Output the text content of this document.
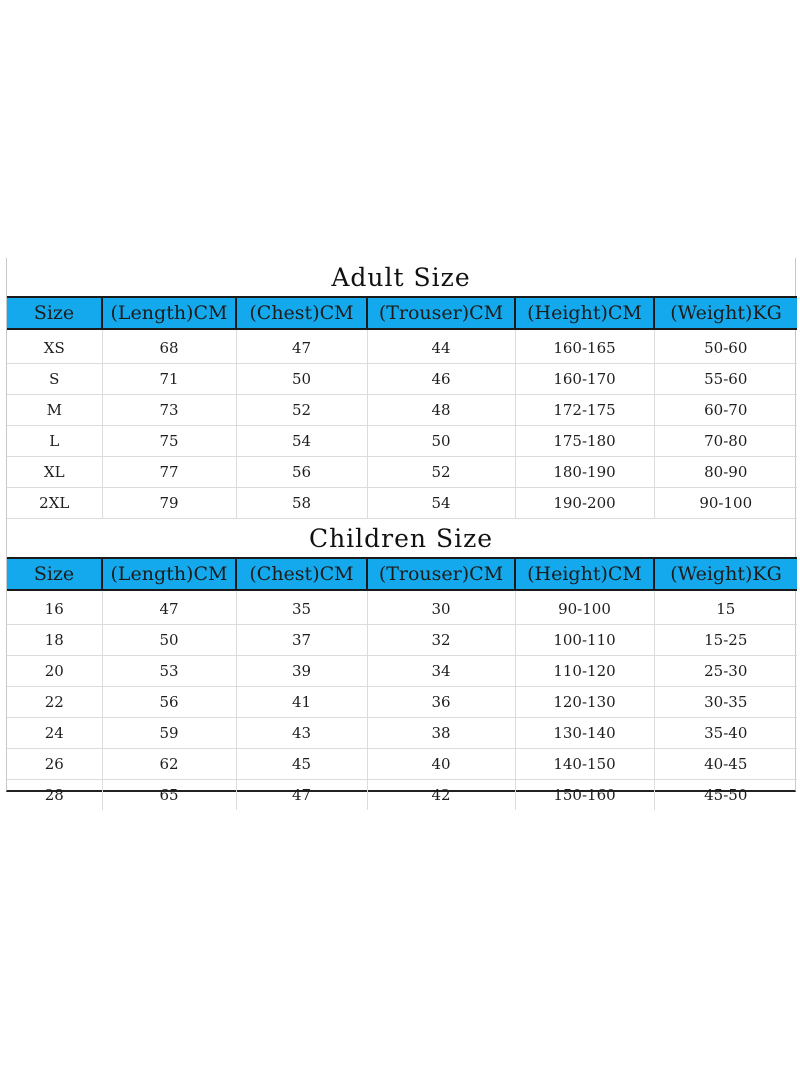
Adult Size
Size	(Length)CM	(Chest)CM	(Trouser)CM	(Height)CM	(Weight)KG
XS	68	47	44	160-165	50-60
S	71	50	46	160-170	55-60
M	73	52	48	172-175	60-70
L	75	54	50	175-180	70-80
XL	77	56	52	180-190	80-90
2XL	79	58	54	190-200	90-100
Children Size
Size	(Length)CM	(Chest)CM	(Trouser)CM	(Height)CM	(Weight)KG
16	47	35	30	90-100	15
18	50	37	32	100-110	15-25
20	53	39	34	110-120	25-30
22	56	41	36	120-130	30-35
24	59	43	38	130-140	35-40
26	62	45	40	140-150	40-45
28	65	47	42	150-160	45-50
